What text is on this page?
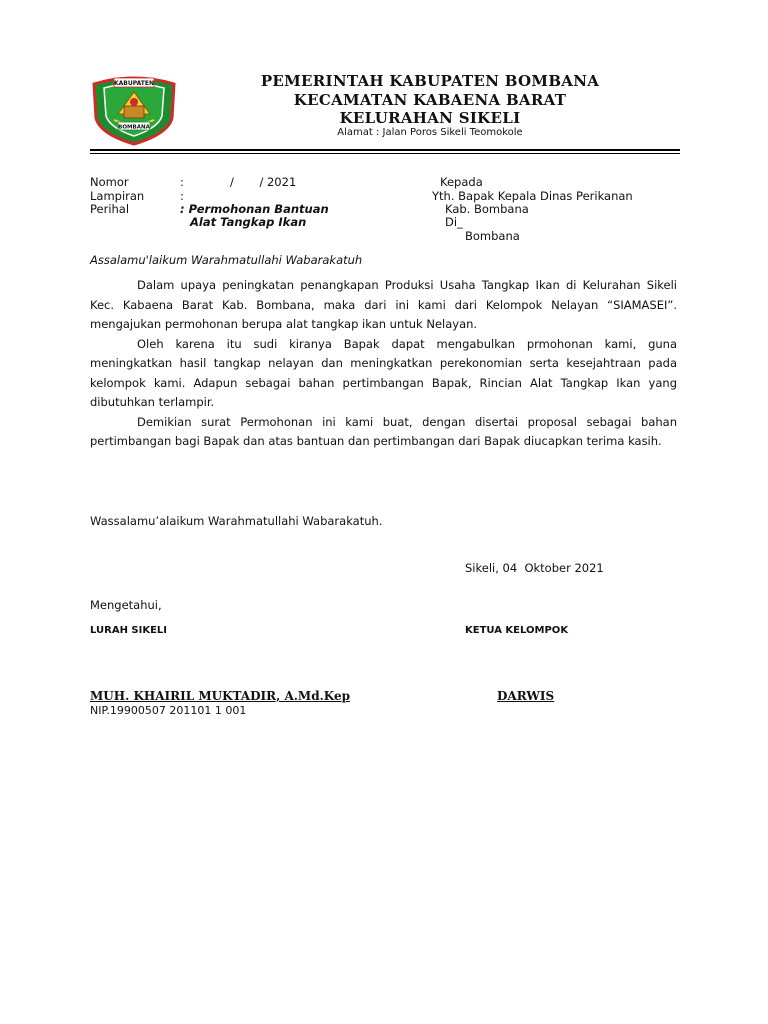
KABUPATEN
BOMBANA
PEMERINTAH KABUPATEN BOMBANA
KECAMATAN KABAENA BARAT
KELURAHAN SIKELI
Alamat : Jalan Poros Sikeli Teomokole
Nomor	:	/       / 2021
Lampiran	:
Perihal	: Permohonan Bantuan
Alat Tangkap Ikan
Kepada
Yth. Bapak Kepala Dinas Perikanan
Kab. Bombana
Di_
Bombana
Assalamu'laikum Warahmatullahi Wabarakatuh

Dalam upaya peningkatan penangkapan Produksi Usaha Tangkap Ikan di Kelurahan Sikeli Kec. Kabaena Barat Kab. Bombana, maka dari ini kami dari Kelompok Nelayan “SIAMASEI”. mengajukan permohonan berupa alat tangkap ikan untuk Nelayan.

Oleh karena itu sudi kiranya Bapak dapat mengabulkan prmohonan kami, guna meningkatkan hasil tangkap nelayan dan meningkatkan perekonomian serta kesejahtraan pada kelompok kami. Adapun sebagai bahan pertimbangan Bapak, Rincian Alat Tangkap Ikan yang dibutuhkan terlampir.

Demikian surat Permohonan ini kami buat, dengan disertai proposal sebagai bahan pertimbangan bagi Bapak dan atas bantuan dan pertimbangan dari Bapak diucapkan terima kasih.

Wassalamu’alaikum Warahmatullahi Wabarakatuh.
Sikeli, 04  Oktober 2021
Mengetahui,
LURAH SIKELI	KETUA KELOMPOK
MUH. KHAIRIL MUKTADIR, A.Md.Kep
NIP.19900507 201101 1 001
DARWIS
